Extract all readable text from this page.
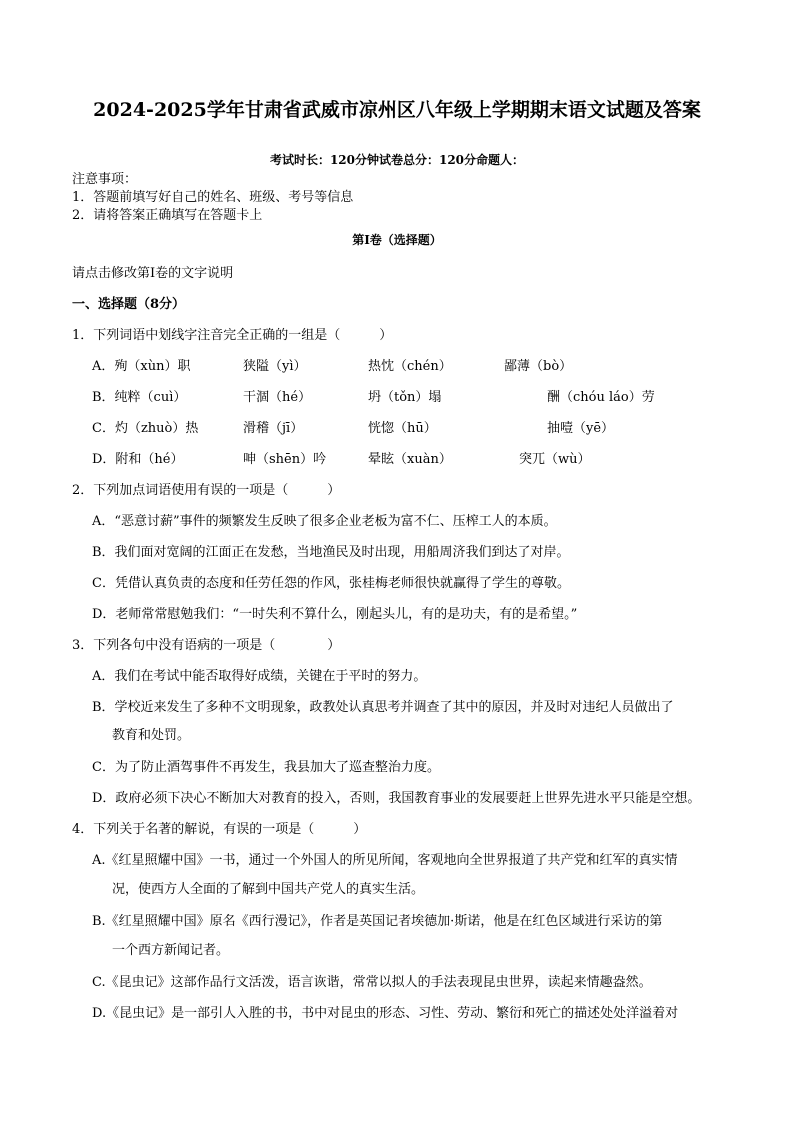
2024-2025学年甘肃省武威市凉州区八年级上学期期末语文试题及答案
考试时长：120分钟试卷总分：120分命题人：
注意事项：
1．答题前填写好自己的姓名、班级、考号等信息
2．请将答案正确填写在答题卡上
第I卷（选择题）
请点击修改第I卷的文字说明
一、选择题（8分）
1．下列词语中划线字注音完全正确的一组是（　　　）
A．殉（xùn）职	狭隘（yì）	热忱（chén）	鄙薄（bò）
B．纯粹（cuì）	干涸（hé）	坍（tǒn）塌	酬（chóu láo）劳
C．灼（zhuò）热	滑稽（jī）	恍惚（hū）	抽噎（yē）
D．附和（hé）	呻（shēn）吟	晕眩（xuàn）	突兀（wù）
2．下列加点词语使用有误的一项是（　　　）
A．“恶意讨薪”事件的频繁发生反映了很多企业老板为富不仁、压榨工人的本质。
B．我们面对宽阔的江面正在发愁，当地渔民及时出现，用船周济我们到达了对岸。
C．凭借认真负责的态度和任劳任怨的作风，张桂梅老师很快就赢得了学生的尊敬。
D．老师常常慰勉我们：“一时失利不算什么，刚起头儿，有的是功夫，有的是希望。”
3．下列各句中没有语病的一项是（　　　　）
A．我们在考试中能否取得好成绩，关键在于平时的努力。
B．学校近来发生了多种不文明现象，政教处认真思考并调查了其中的原因，并及时对违纪人员做出了
教育和处罚。
C．为了防止酒驾事件不再发生，我县加大了巡查整治力度。
D．政府必须下决心不断加大对教育的投入，否则，我国教育事业的发展要赶上世界先进水平只能是空想。
4．下列关于名著的解说，有误的一项是（　　　）
A.《红星照耀中国》一书，通过一个外国人的所见所闻，客观地向全世界报道了共产党和红军的真实情
况，使西方人全面的了解到中国共产党人的真实生活。
B.《红星照耀中国》原名《西行漫记》，作者是英国记者埃德加·斯诺，他是在红色区域进行采访的第
一个西方新闻记者。
C.《昆虫记》这部作品行文活泼，语言诙谐，常常以拟人的手法表现昆虫世界，读起来情趣盎然。
D.《昆虫记》是一部引人入胜的书，书中对昆虫的形态、习性、劳动、繁衍和死亡的描述处处洋溢着对
